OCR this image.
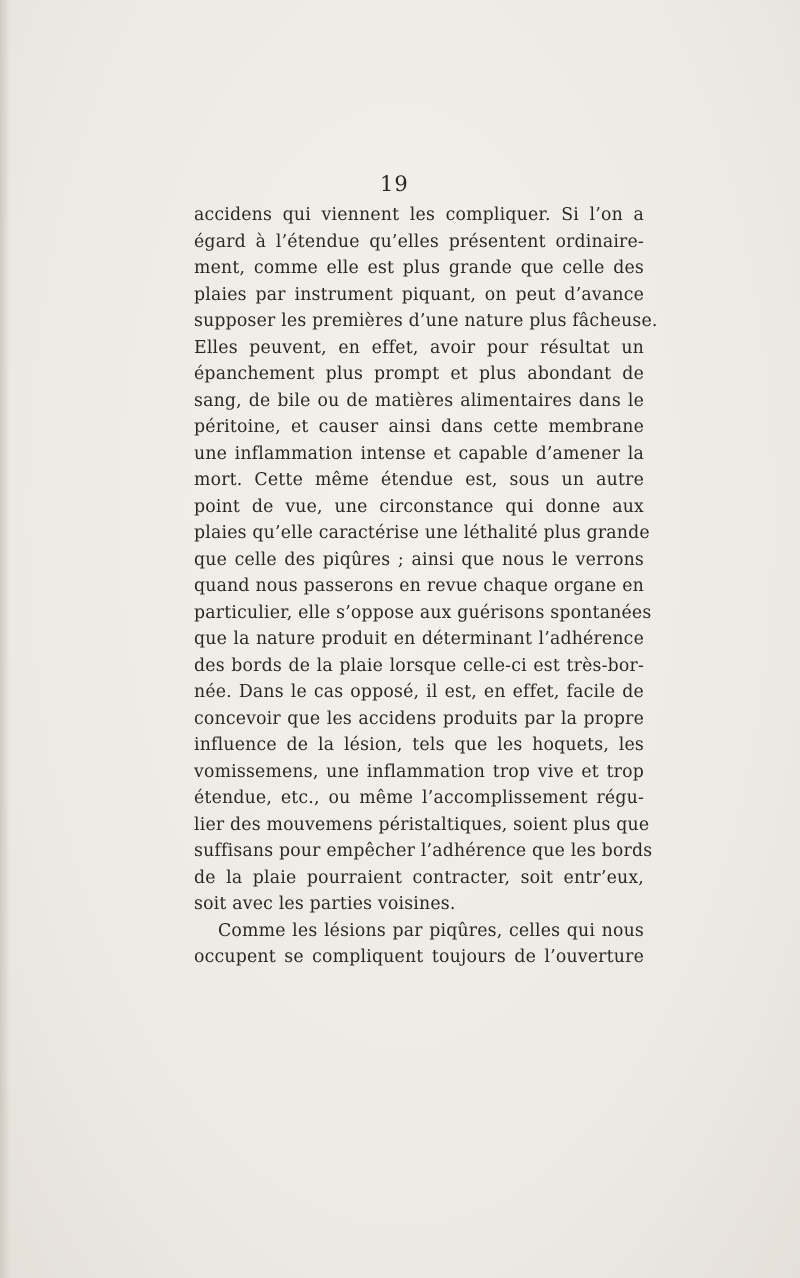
19
accidens qui viennent les compliquer. Si l’on a
égard à l’étendue qu’elles présentent ordinaire-
ment, comme elle est plus grande que celle des
plaies par instrument piquant, on peut d’avance
supposer les premières d’une nature plus fâcheuse.
Elles peuvent, en effet, avoir pour résultat un
épanchement plus prompt et plus abondant de
sang, de bile ou de matières alimentaires dans le
péritoine, et causer ainsi dans cette membrane
une inflammation intense et capable d’amener la
mort. Cette même étendue est, sous un autre
point de vue, une circonstance qui donne aux
plaies qu’elle caractérise une léthalité plus grande
que celle des piqûres ; ainsi que nous le verrons
quand nous passerons en revue chaque organe en
particulier, elle s’oppose aux guérisons spontanées
que la nature produit en déterminant l’adhérence
des bords de la plaie lorsque celle-ci est très-bor-
née. Dans le cas opposé, il est, en effet, facile de
concevoir que les accidens produits par la propre
influence de la lésion, tels que les hoquets, les
vomissemens, une inflammation trop vive et trop
étendue, etc., ou même l’accomplissement régu-
lier des mouvemens péristaltiques, soient plus que
suffisans pour empêcher l’adhérence que les bords
de la plaie pourraient contracter, soit entr’eux,
soit avec les parties voisines.
Comme les lésions par piqûres, celles qui nous
occupent se compliquent toujours de l’ouverture
